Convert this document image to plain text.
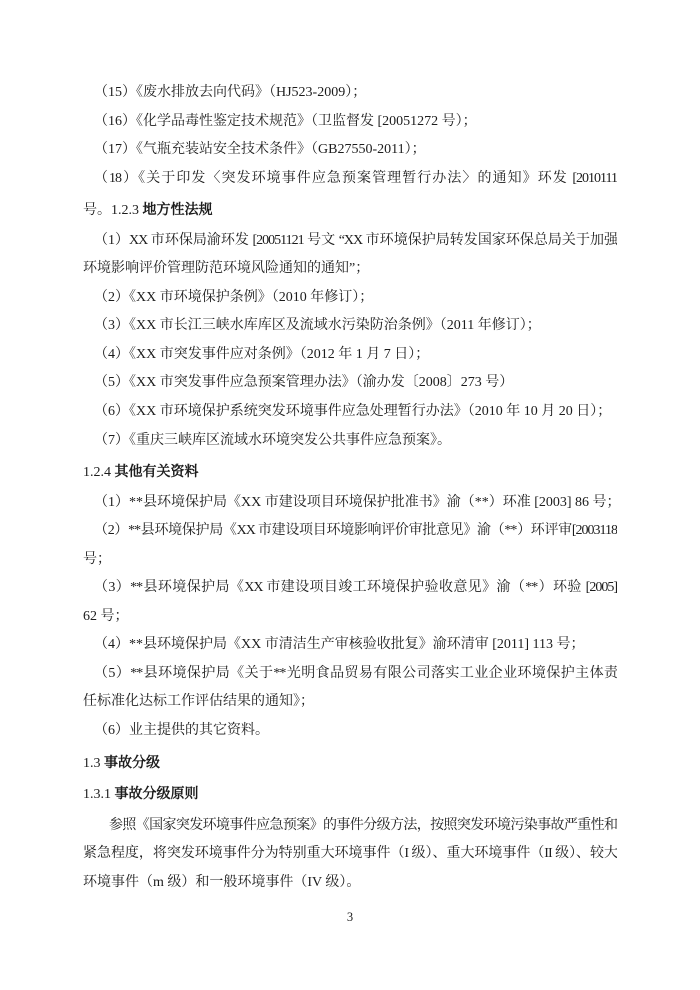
（15）《废水排放去向代码》（HJ523-2009）；
（16）《化学品毒性鉴定技术规范》（卫监督发 [20051272 号）；
（17）《气瓶充装站安全技术条件》（GB27550-2011）；
（18）《关于印发〈突发环境事件应急预案管理暂行办法〉的通知》环发 [2010111
号。1.2.3 地方性法规
（1）XX 市环保局渝环发 [20051121 号文 “XX 市环境保护局转发国家环保总局关于加强
环境影响评价管理防范环境风险通知的通知”；
（2）《XX 市环境保护条例》（2010 年修订）；
（3）《XX 市长江三峡水库库区及流域水污染防治条例》（2011 年修订）；
（4）《XX 市突发事件应对条例》（2012 年 1 月 7 日）；
（5）《XX 市突发事件应急预案管理办法》（渝办发〔2008〕273 号）
（6）《XX 市环境保护系统突发环境事件应急处理暂行办法》（2010 年 10 月 20 日）；
（7）《重庆三峡库区流域水环境突发公共事件应急预案》。
1.2.4 其他有关资料
（1）**县环境保护局《XX 市建设项目环境保护批准书》渝（**）环准 [2003] 86 号；
（2）**县环境保护局《XX 市建设项目环境影响评价审批意见》渝（**）环评审[2003118
号；
（3）**县环境保护局《XX 市建设项目竣工环境保护验收意见》渝（**）环验 [2005]
62 号；
（4）**县环境保护局《XX 市清洁生产审核验收批复》渝环清审 [2011] 113 号；
（5）**县环境保护局《关于**光明食品贸易有限公司落实工业企业环境保护主体责
任标准化达标工作评估结果的通知》；
（6）业主提供的其它资料。
1.3 事故分级
1.3.1 事故分级原则
参照《国家突发环境事件应急预案》的事件分级方法，按照突发环境污染事故严重性和
紧急程度，将突发环境事件分为特别重大环境事件（I 级）、重大环境事件（II 级）、较大
环境事件（m 级）和一般环境事件（IV 级）。
3
